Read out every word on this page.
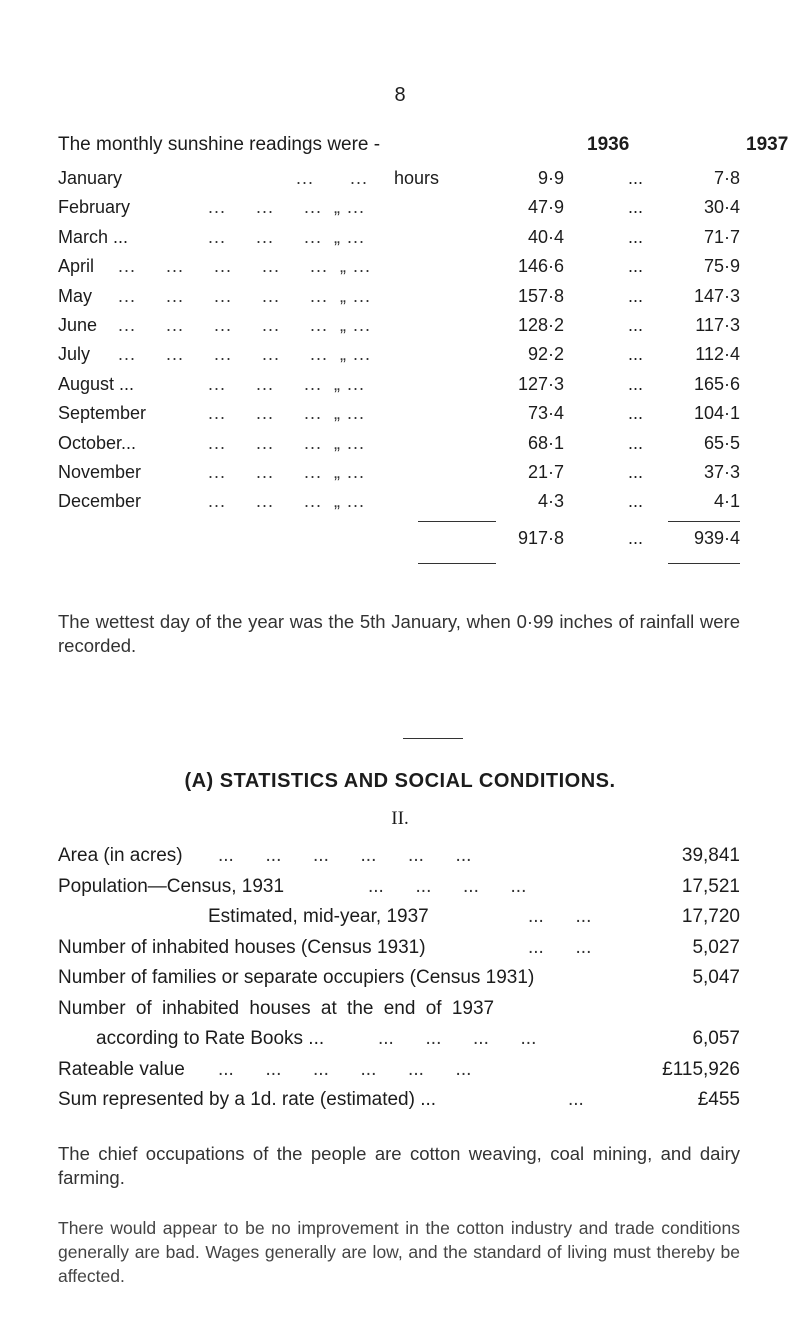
8
The monthly sunshine readings were -	1936	1937
January	...      ... hours	9·9	...	7·8
February	...     ...     ...  „ ...	47·9	...	30·4
March ...	...     ...     ...  „ ...	40·4	...	71·7
April ...     ...     ...     ...     ...  „ ...	146·6	...	75·9
May ...     ...     ...     ...     ...  „ ...	157·8	...	147·3
June ...     ...     ...     ...     ...  „ ...	128·2	...	117·3
July ...     ...     ...     ...     ...  „ ...	92·2	...	112·4
August ...	...     ...     ...  „ ...	127·3	...	165·6
September	...     ...     ...  „ ...	73·4	...	104·1
October...	...     ...     ...  „ ...	68·1	...	65·5
November	...     ...     ...  „ ...	21·7	...	37·3
December	...     ...     ...  „ ...	4·3	...	4·1
917·8	...	939·4
The wettest day of the year was the 5th January, when 0·99 inches of rainfall were recorded.
(A) STATISTICS AND SOCIAL CONDITIONS.
II.
Area (in acres) ...      ...      ...      ...      ...      ...	39,841
Population—Census, 1931	...      ...      ...      ...	17,521
Estimated, mid-year, 1937	...      ...	17,720
Number of inhabited houses (Census 1931)	...      ...	5,027
Number of families or separate occupiers (Census 1931)	5,047
Number of inhabited houses at the end of 1937
according to Rate Books ...	...      ...      ...      ...	6,057
Rateable value ...      ...      ...      ...      ...      ...	£115,926
Sum represented by a 1d. rate (estimated) ...	...	£455
The chief occupations of the people are cotton weaving, coal mining, and dairy farming.
There would appear to be no improvement in the cotton industry and trade conditions generally are bad. Wages generally are low, and the standard of living must thereby be affected.
